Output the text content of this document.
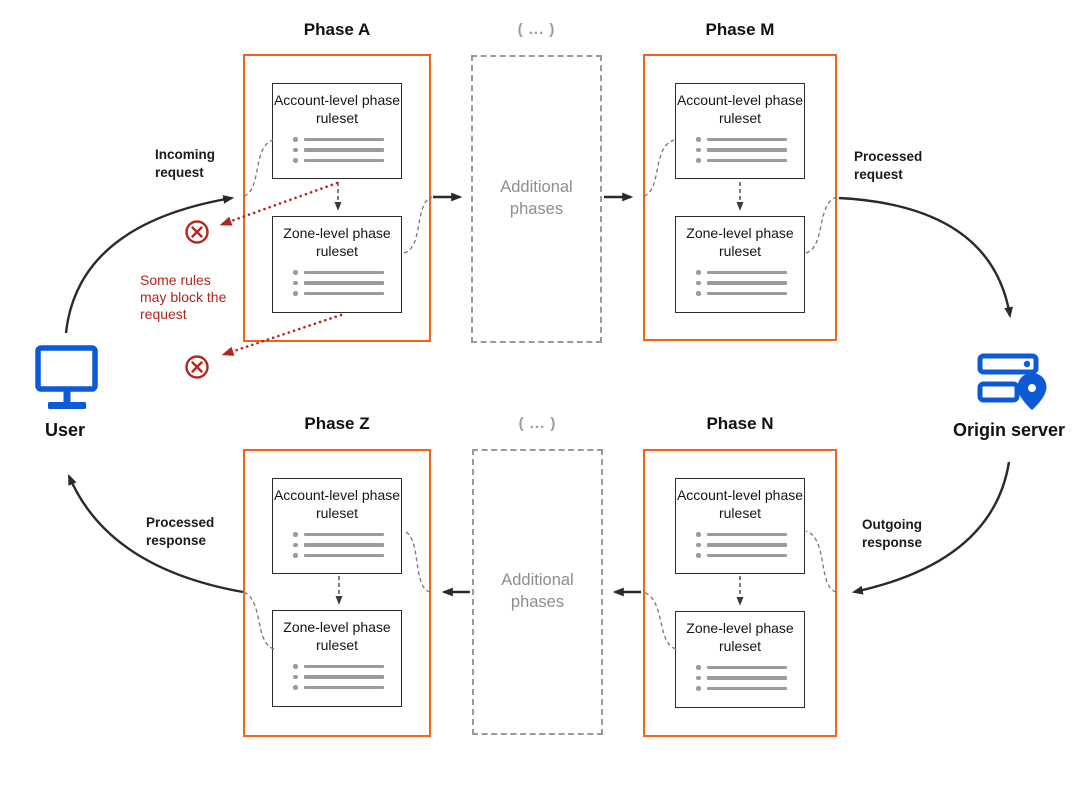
Phase A
Account-level phase ruleset
Zone-level phase ruleset
( ... )
Additional phases
Phase M
Account-level phase ruleset
Zone-level phase ruleset
Phase Z
Account-level phase ruleset
Zone-level phase ruleset
( ... )
Additional phases
Phase N
Account-level phase ruleset
Zone-level phase ruleset
Incoming request
Processed request
Outgoing response
Processed response
Some rules may block the request
User	Origin server
